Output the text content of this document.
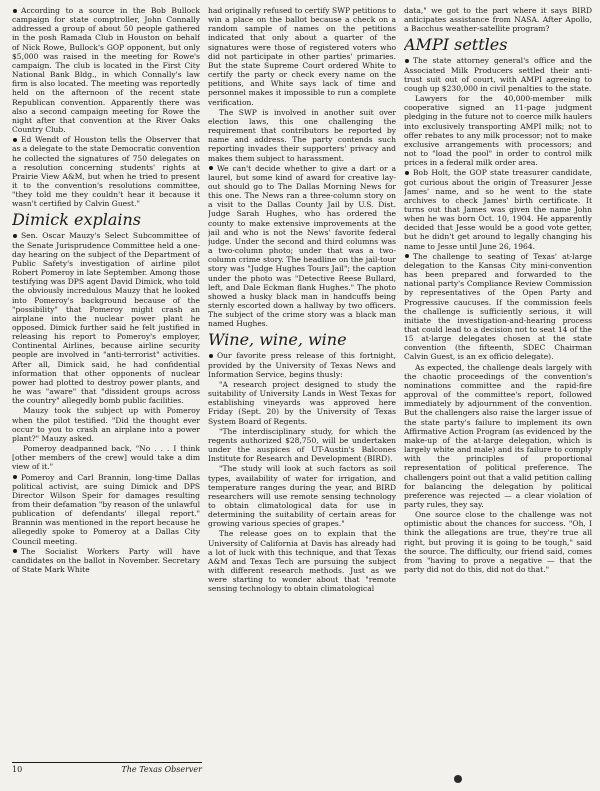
According to a source in the Bob Bullock campaign for state comptroller, John Connally addressed a group of about 50 people gathered in the posh Ramada Club in Houston on behalf of Nick Rowe, Bullock's GOP opponent, but only $5,000 was raised in the meeting for Rowe's campaign. The club is located in the First City National Bank Bldg., in which Connally's law firm is also located. The meeting was reportedly held on the afternoon of the recent state Republican convention. Apparently there was also a second campaign meeting for Rowe the night after that convention at the River Oaks Country Club.

Ed Wendt of Houston tells the Observer that as a delegate to the state Democratic convention he collected the signatures of 750 delegates on a resolution concerning students' rights at Prairie View A&M, but when he tried to present it to the convention's resolutions committee, "they told me they couldn't hear it because it wasn't certified by Calvin Guest."

Dimick explains

Sen. Oscar Mauzy's Select Subcommittee of the Senate Jurisprudence Committee held a one-day hearing on the subject of the Department of Public Safety's investigation of airline pilot Robert Pomeroy in late September. Among those testifying was DPS agent David Dimick, who told the obviously incredulous Mauzy that he looked into Pomeroy's background because of the "possibility" that Pomeroy might crash an airplane into the nuclear power plant he opposed. Dimick further said he felt justified in releasing his report to Pomeroy's employer, Continental Airlines, because airline security people are involved in "anti-terrorist" activities. After all, Dimick said, he had confidential information that other opponents of nuclear power had plotted to destroy power plants, and he was "aware" that "dissident groups across the country" allegedly bomb public facilities.

Mauzy took the subject up with Pomeroy when the pilot testified. "Did the thought ever occur to you to crash an airplane into a power plant?" Mauzy asked.

Pomeroy deadpanned back, "No . . . I think [other members of the crew] would take a dim view of it."

Pomeroy and Carl Brannin, long-time Dallas political activist, are suing Dimick and DPS Director Wilson Speir for damages resulting from their defamation "by reason of the unlawful publication of defendants' illegal report." Brannin was mentioned in the report because he allegedly spoke to Pomeroy at a Dallas City Council meeting.

The Socialist Workers Party will have candidates on the ballot in November. Secretary of State Mark White

had originally refused to certify SWP petitions to win a place on the ballot because a check on a random sample of names on the petitions indicated that only about a quarter of the signatures were those of registered voters who did not participate in other parties' primaries. But the state Supreme Court ordered White to certify the party or check every name on the petitions, and White says lack of time and personnel makes it impossible to run a complete verification.

The SWP is involved in another suit over election laws, this one challenging the requirement that contributors be reported by name and address. The party contends such reporting invades their supporters' privacy and makes them subject to harassment.

We can't decide whether to give a dart or a laurel, but some kind of award for creative lay-out should go to The Dallas Morning News for this one. The News ran a three-column story on a visit to the Dallas County Jail by U.S. Dist. Judge Sarah Hughes, who has ordered the county to make extensive improvements at the jail and who is not the News' favorite federal judge. Under the second and third columns was a two-column photo; under that was a two-column crime story. The headline on the jail-tour story was "Judge Hughes Tours Jail"; the caption under the photo was "Detective Reese Bullard, left, and Dale Eckman flank Hughes." The photo showed a husky black man in handcuffs being sternly escorted down a hallway by two officers. The subject of the crime story was a black man named Hughes.

Wine, wine, wine

Our favorite press release of this fortnight, provided by the University of Texas News and Information Service, begins thusly:

"A research project designed to study the suitability of University Lands in West Texas for establishing vineyards was approved here Friday (Sept. 20) by the University of Texas System Board of Regents.

"The interdisciplinary study, for which the regents authorized $28,750, will be undertaken under the auspices of UT-Austin's Balcones Institute for Research and Development (BIRD).

"The study will look at such factors as soil types, availability of water for irrigation, and temperature ranges during the year, and BIRD researchers will use remote sensing technology to obtain climatological data for use in determining the suitability of certain areas for growing various species of grapes."

The release goes on to explain that the University of California at Davis has already had a lot of luck with this technique, and that Texas A&M and Texas Tech are pursuing the subject with different research methods. Just as we were starting to wonder about that "remote sensing technology to obtain climatological

data," we got to the part where it says BIRD anticipates assistance from NASA. After Apollo, a Bacchus weather-satellite program?

AMPI settles

The state attorney general's office and the Associated Milk Producers settled their anti-trust suit out of court, with AMPI agreeing to cough up $230,000 in civil penalties to the state.

Lawyers for the 40,000-member milk cooperative signed an 11-page judgment pledging in the future not to coerce milk haulers into exclusively transporting AMPI milk; not to offer rebates to any milk processor; not to make exclusive arrangements with processors; and not to "load the pool" in order to control milk prices in a federal milk order area.

Bob Holt, the GOP state treasurer candidate, got curious about the origin of Treasurer Jesse James' name, and so he went to the state archives to check James' birth certificate. It turns out that James was given the name John when he was born Oct. 10, 1904. He apparently decided that Jesse would be a good vote getter, but he didn't get around to legally changing his name to Jesse until June 26, 1964.

The challenge to seating of Texas' at-large delegation to the Kansas City mini-convention has been prepared and forwarded to the national party's Compliance Review Commission by representatives of the Open Party and Progressive caucuses. If the commission feels the challenge is sufficiently serious, it will initiate the investigation-and-hearing process that could lead to a decision not to seat 14 of the 15 at-large delegates chosen at the state convention (the fifteenth, SDEC Chairman Calvin Guest, is an ex officio delegate).

As expected, the challenge deals largely with the chaotic proceedings of the convention's nominations committee and the rapid-fire approval of the committee's report, followed immediately by adjournment of the convention. But the challengers also raise the larger issue of the state party's failure to implement its own Affirmative Action Program (as evidenced by the make-up of the at-large delegation, which is largely white and male) and its failure to comply with the principles of proportional representation of political preference. The challengers point out that a valid petition calling for balancing the delegation by political preference was rejected — a clear violation of party rules, they say.

One source close to the challenge was not optimistic about the chances for success. "Oh, I think the allegations are true, they're true all right, but proving it is going to be tough," said the source. The difficulty, our friend said, comes from "having to prove a negative — that the party did not do this, did not do that."

10	The Texas Observer
